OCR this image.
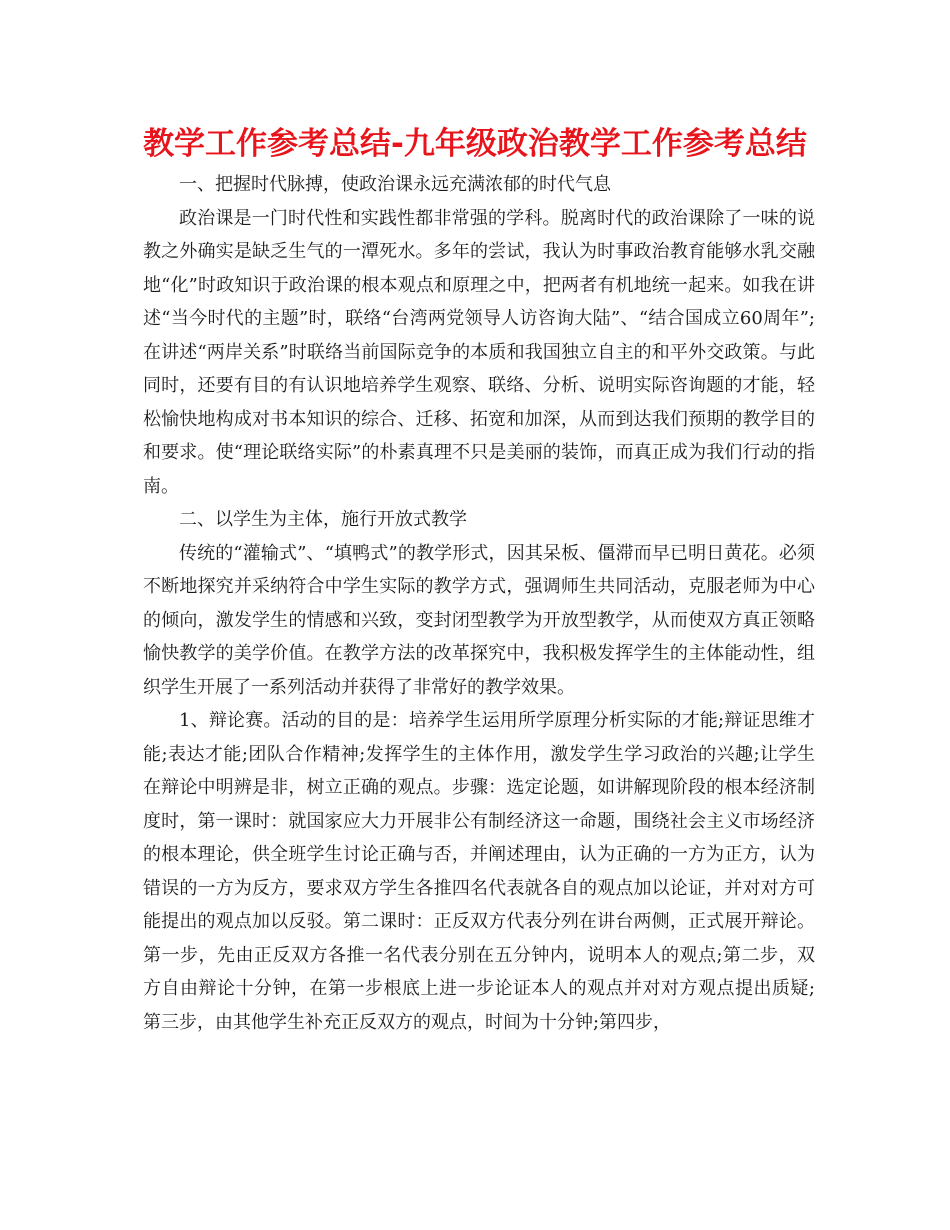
教学工作参考总结-九年级政治教学工作参考总结

一、把握时代脉搏，使政治课永远充满浓郁的时代气息

政治课是一门时代性和实践性都非常强的学科。脱离时代的政治课除了一味的说教之外确实是缺乏生气的一潭死水。多年的尝试，我认为时事政治教育能够水乳交融地“化”时政知识于政治课的根本观点和原理之中，把两者有机地统一起来。如我在讲述“当今时代的主题”时，联络“台湾两党领导人访咨询大陆”、“结合国成立60周年”;在讲述“两岸关系”时联络当前国际竞争的本质和我国独立自主的和平外交政策。与此同时，还要有目的有认识地培养学生观察、联络、分析、说明实际咨询题的才能，轻松愉快地构成对书本知识的综合、迁移、拓宽和加深，从而到达我们预期的教学目的和要求。使“理论联络实际”的朴素真理不只是美丽的装饰，而真正成为我们行动的指南。

二、以学生为主体，施行开放式教学

传统的“灌输式”、“填鸭式”的教学形式，因其呆板、僵滞而早已明日黄花。必须不断地探究并采纳符合中学生实际的教学方式，强调师生共同活动，克服老师为中心的倾向，激发学生的情感和兴致，变封闭型教学为开放型教学，从而使双方真正领略愉快教学的美学价值。在教学方法的改革探究中，我积极发挥学生的主体能动性，组织学生开展了一系列活动并获得了非常好的教学效果。

1、辩论赛。活动的目的是：培养学生运用所学原理分析实际的才能;辩证思维才能;表达才能;团队合作精神;发挥学生的主体作用，激发学生学习政治的兴趣;让学生在辩论中明辨是非，树立正确的观点。步骤：选定论题，如讲解现阶段的根本经济制度时，第一课时：就国家应大力开展非公有制经济这一命题，围绕社会主义市场经济的根本理论，供全班学生讨论正确与否，并阐述理由，认为正确的一方为正方，认为错误的一方为反方，要求双方学生各推四名代表就各自的观点加以论证，并对对方可能提出的观点加以反驳。第二课时：正反双方代表分列在讲台两侧，正式展开辩论。第一步，先由正反双方各推一名代表分别在五分钟内，说明本人的观点;第二步，双方自由辩论十分钟，在第一步根底上进一步论证本人的观点并对对方观点提出质疑;第三步，由其他学生补充正反双方的观点，时间为十分钟;第四步，
